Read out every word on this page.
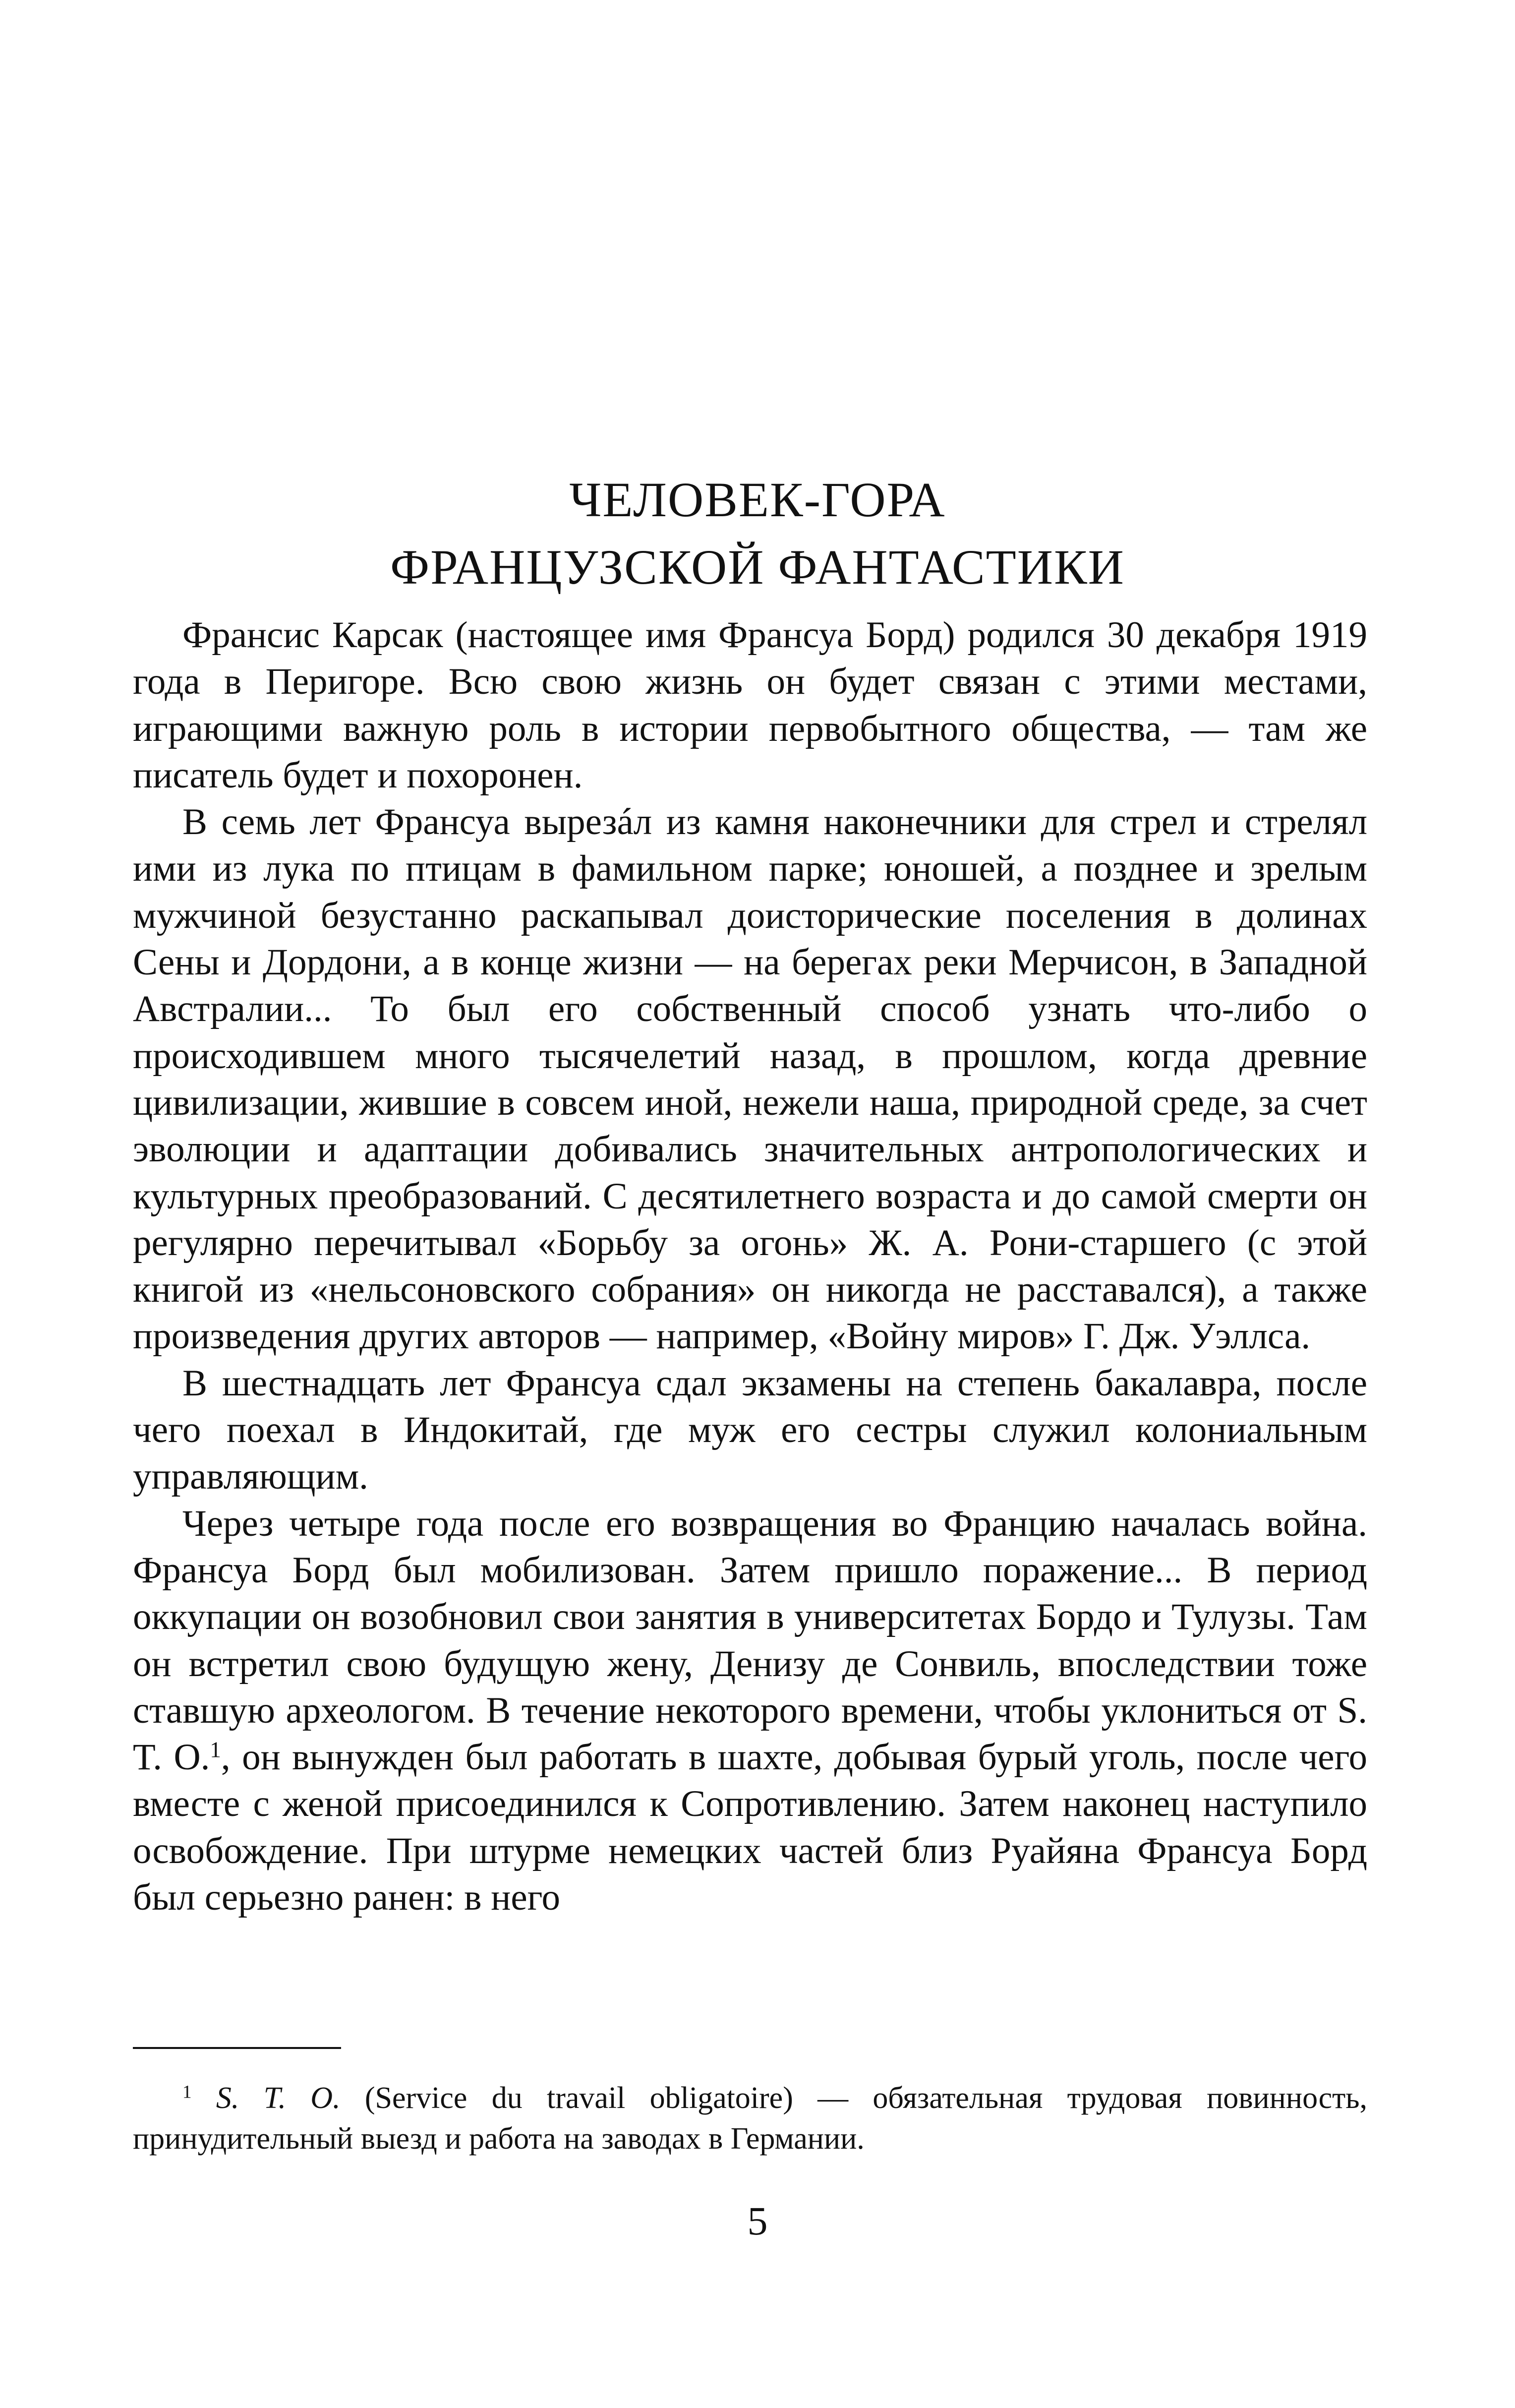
ЧЕЛОВЕК-ГОРА
ФРАНЦУЗСКОЙ ФАНТАСТИКИ

Франсис Карсак (настоящее имя Франсуа Борд) родился 30 декабря 1919 года в Перигоре. Всю свою жизнь он будет связан с этими местами, играющими важную роль в истории первобытного общества, — там же писатель будет и похоронен.

В семь лет Франсуа вырезáл из камня наконечники для стрел и стрелял ими из лука по птицам в фамильном парке; юношей, а позднее и зрелым мужчиной безустанно раскапывал доисторические поселения в долинах Сены и Дордони, а в конце жизни — на берегах реки Мерчисон, в Западной Австралии... То был его собственный способ узнать что-либо о происходившем много тысячелетий назад, в прошлом, когда древние цивилизации, жившие в совсем иной, нежели наша, природной среде, за счет эволюции и адаптации добивались значительных антропологических и культурных преобразований. С десятилетнего возраста и до самой смерти он регулярно перечитывал «Борьбу за огонь» Ж. А. Рони-старшего (с этой книгой из «нельсоновского собрания» он никогда не расставался), а также произведения других авторов — например, «Войну миров» Г. Дж. Уэллса.

В шестнадцать лет Франсуа сдал экзамены на степень бакалавра, после чего поехал в Индокитай, где муж его сестры служил колониальным управляющим.

Через четыре года после его возвращения во Францию началась война. Франсуа Борд был мобилизован. Затем пришло поражение... В период оккупации он возобновил свои занятия в университетах Бордо и Тулузы. Там он встретил свою будущую жену, Денизу де Сонвиль, впоследствии тоже ставшую археологом. В течение некоторого времени, чтобы уклониться от S. T. O.$^1$, он вынужден был работать в шахте, добывая бурый уголь, после чего вместе с женой присоединился к Сопротивлению. Затем наконец наступило освобождение. При штурме немецких частей близ Руайяна Франсуа Борд был серьезно ранен: в него

$^1$ S. T. O. (Service du travail obligatoire) — обязательная трудовая повинность, принудительный выезд и работа на заводах в Германии.

5
